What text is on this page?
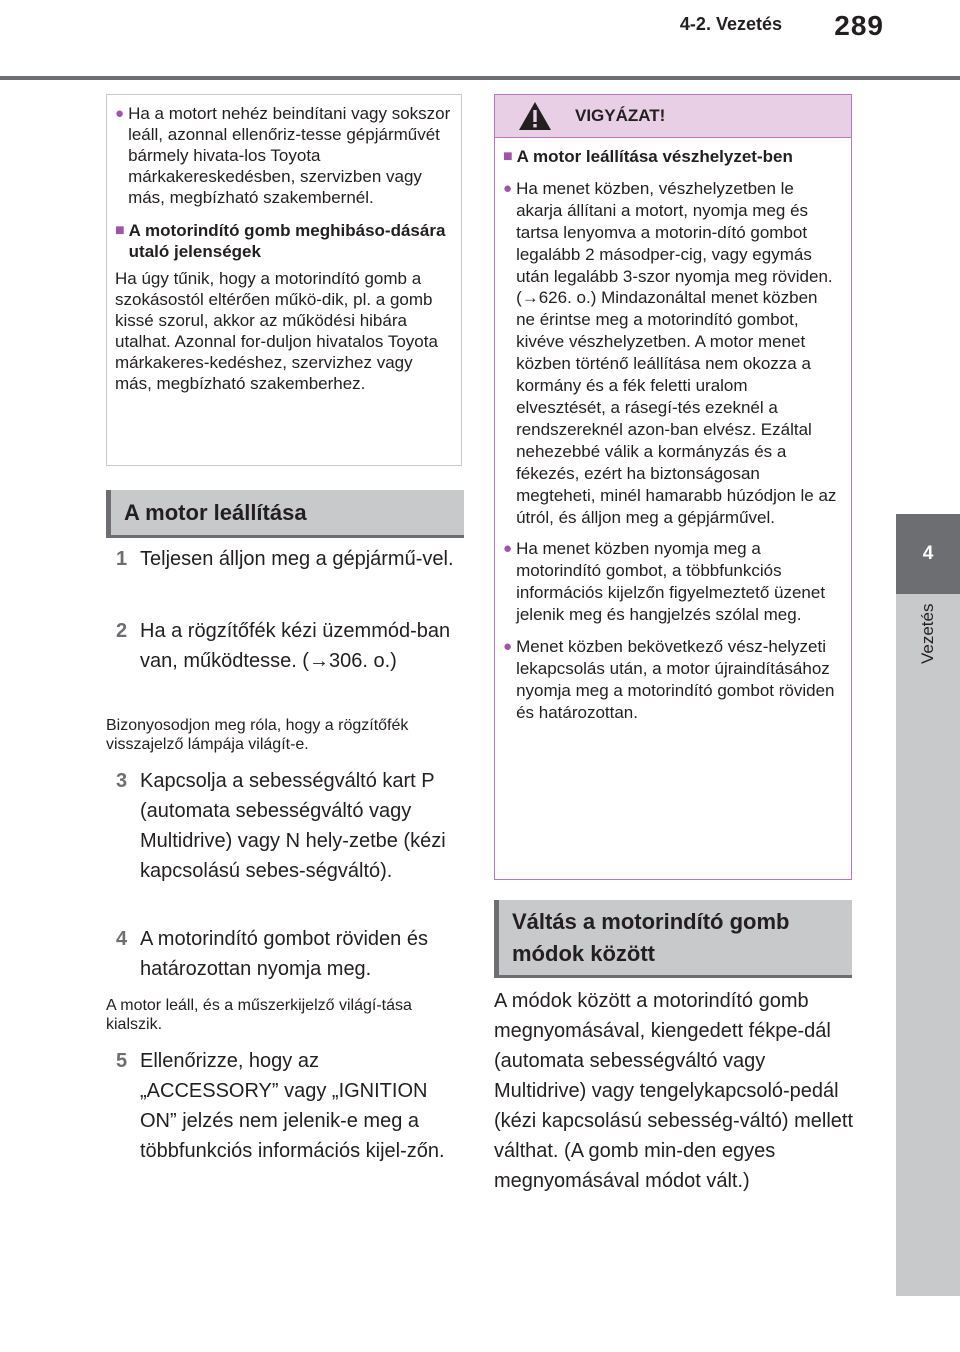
4-2. Vezetés 289
4
Vezetés
● Ha a motort nehéz beindítani vagy sokszor leáll, azonnal ellenőriz-tesse gépjárművét bármely hivata-los Toyota márkakereskedésben, szervizben vagy más, megbízható szakembernél.
■ A motorindító gomb meghibáso-dására utaló jelenségek
Ha úgy tűnik, hogy a motorindító gomb a szokásostól eltérően műkö-dik, pl. a gomb kissé szorul, akkor az működési hibára utalhat. Azonnal for-duljon hivatalos Toyota márkakeres-kedéshez, szervizhez vagy más, megbízható szakemberhez.
A motor leállítása
1 Teljesen álljon meg a gépjármű-vel.
2 Ha a rögzítőfék kézi üzemmód-ban van, működtesse. (→306. o.)
Bizonyosodjon meg róla, hogy a rögzítőfék visszajelző lámpája világít-e.
3 Kapcsolja a sebességváltó kart P (automata sebességváltó vagy Multidrive) vagy N hely-zetbe (kézi kapcsolású sebes-ségváltó).
4 A motorindító gombot röviden és határozottan nyomja meg.
A motor leáll, és a műszerkijelző világí-tása kialszik.
5 Ellenőrizze, hogy az „ACCESSORY” vagy „IGNITION ON” jelzés nem jelenik-e meg a többfunkciós információs kijel-zőn.
VIGYÁZAT!
■ A motor leállítása vészhelyzet-ben
● Ha menet közben, vészhelyzetben le akarja állítani a motort, nyomja meg és tartsa lenyomva a motorin-dító gombot legalább 2 másodper-cig, vagy egymás után legalább 3-szor nyomja meg röviden. (→626. o.) Mindazonáltal menet közben ne érintse meg a motorindító gombot, kivéve vészhelyzetben. A motor menet közben történő leállítása nem okozza a kormány és a fék feletti uralom elvesztését, a rásegí-tés ezeknél a rendszereknél azon-ban elvész. Ezáltal nehezebbé válik a kormányzás és a fékezés, ezért ha biztonságosan megteheti, minél hamarabb húzódjon le az útról, és álljon meg a gépjárművel.
● Ha menet közben nyomja meg a motorindító gombot, a többfunkciós információs kijelzőn figyelmeztető üzenet jelenik meg és hangjelzés szólal meg.
● Menet közben bekövetkező vész-helyzeti lekapcsolás után, a motor újraindításához nyomja meg a motorindító gombot röviden és határozottan.
Váltás a motorindító gomb módok között
A módok között a motorindító gomb megnyomásával, kiengedett fékpe-dál (automata sebességváltó vagy Multidrive) vagy tengelykapcsoló-pedál (kézi kapcsolású sebesség-váltó) mellett válthat. (A gomb min-den egyes megnyomásával módot vált.)
